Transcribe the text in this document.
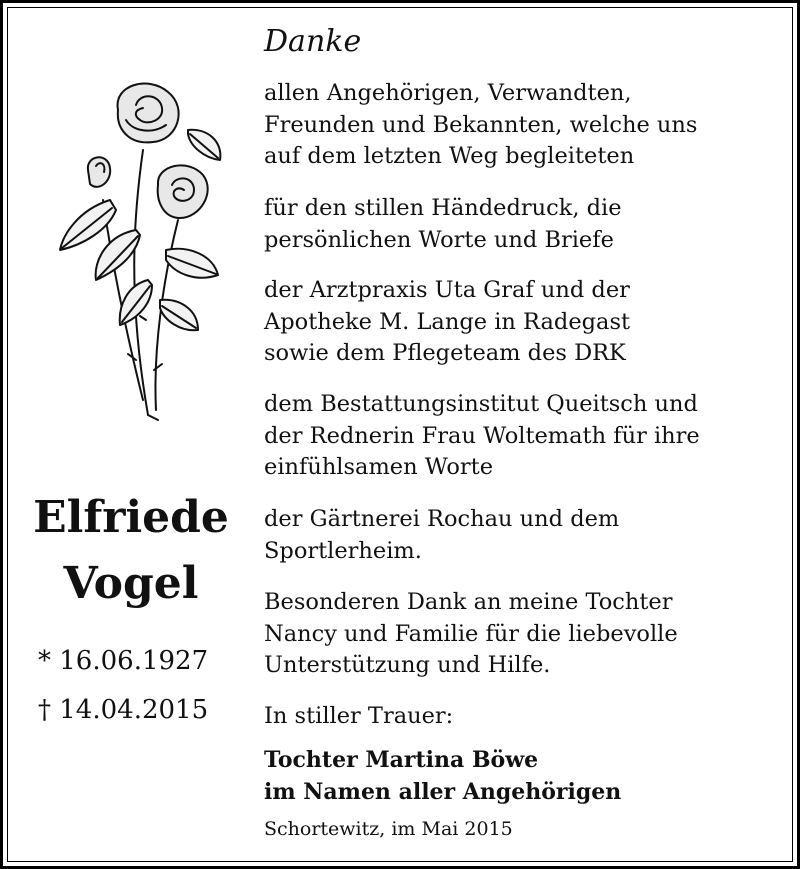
Elfriede
Vogel
* 16.06.1927
† 14.04.2015
Danke
allen Angehörigen, Verwandten,
Freunden und Bekannten, welche uns
auf dem letzten Weg begleiteten
für den stillen Händedruck, die
persönlichen Worte und Briefe
der Arztpraxis Uta Graf und der
Apotheke M. Lange in Radegast
sowie dem Pflegeteam des DRK
dem Bestattungsinstitut Queitsch und
der Rednerin Frau Woltemath für ihre
einfühlsamen Worte
der Gärtnerei Rochau und dem
Sportlerheim.
Besonderen Dank an meine Tochter
Nancy und Familie für die liebevolle
Unterstützung und Hilfe.
In stiller Trauer:
Tochter Martina Böwe
im Namen aller Angehörigen
Schortewitz, im Mai 2015
